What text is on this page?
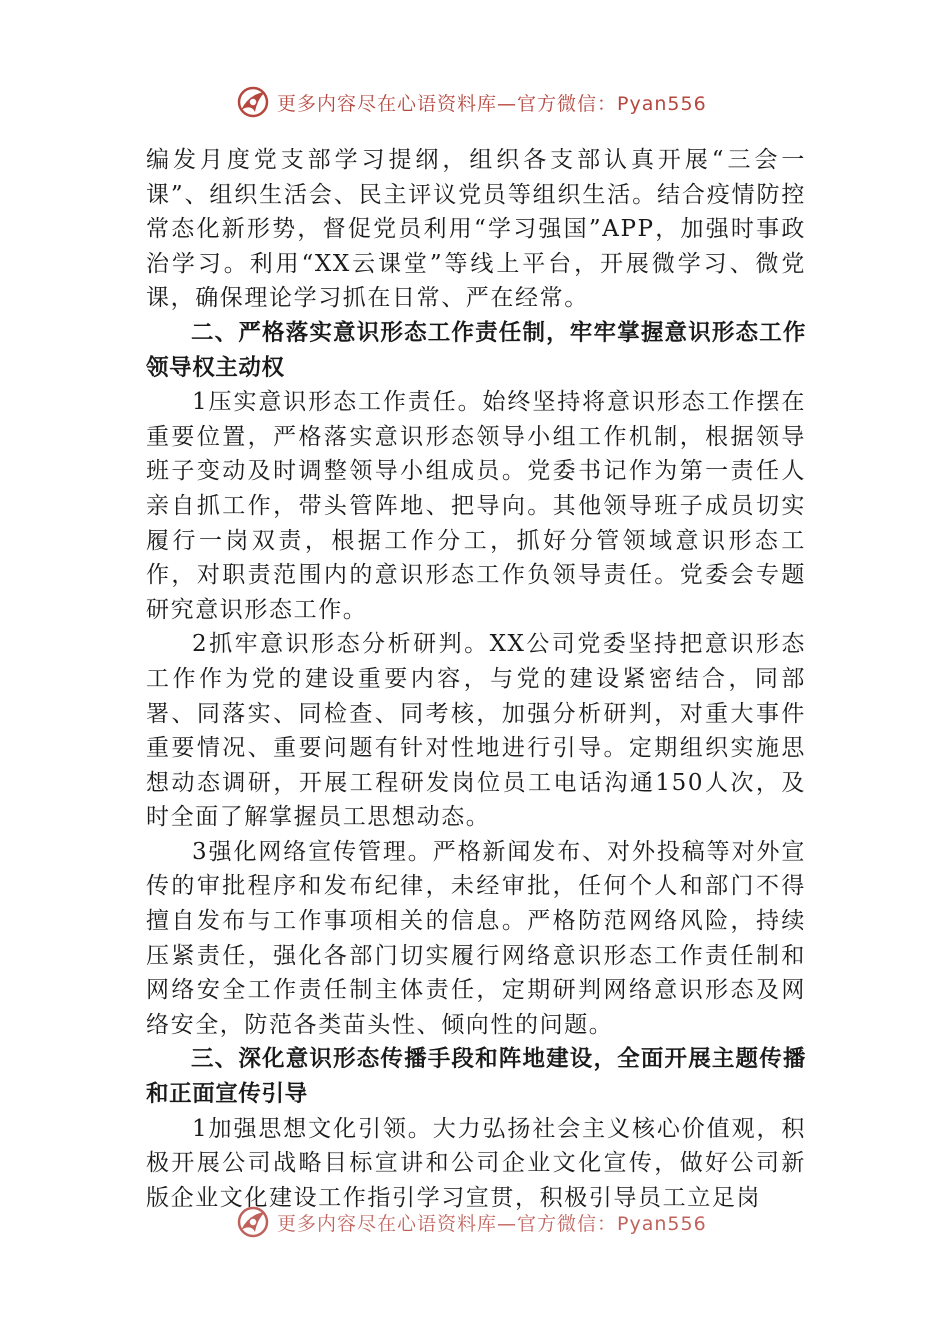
更多内容尽在心语资料库—官方微信：Pyan556

编发月度党支部学习提纲，组织各支部认真开展“三会一课”、组织生活会、民主评议党员等组织生活。结合疫情防控常态化新形势，督促党员利用“学习强国”APP，加强时事政治学习。利用“XX云课堂”等线上平台，开展微学习、微党课，确保理论学习抓在日常、严在经常。

二、严格落实意识形态工作责任制，牢牢掌握意识形态工作领导权主动权

1压实意识形态工作责任。始终坚持将意识形态工作摆在重要位置，严格落实意识形态领导小组工作机制，根据领导班子变动及时调整领导小组成员。党委书记作为第一责任人亲自抓工作，带头管阵地、把导向。其他领导班子成员切实履行一岗双责，根据工作分工，抓好分管领域意识形态工作，对职责范围内的意识形态工作负领导责任。党委会专题研究意识形态工作。

2抓牢意识形态分析研判。XX公司党委坚持把意识形态工作作为党的建设重要内容，与党的建设紧密结合，同部署、同落实、同检查、同考核，加强分析研判，对重大事件重要情况、重要问题有针对性地进行引导。定期组织实施思想动态调研，开展工程研发岗位员工电话沟通150人次，及时全面了解掌握员工思想动态。

3强化网络宣传管理。严格新闻发布、对外投稿等对外宣传的审批程序和发布纪律，未经审批，任何个人和部门不得擅自发布与工作事项相关的信息。严格防范网络风险，持续压紧责任，强化各部门切实履行网络意识形态工作责任制和网络安全工作责任制主体责任，定期研判网络意识形态及网络安全，防范各类苗头性、倾向性的问题。

三、深化意识形态传播手段和阵地建设，全面开展主题传播和正面宣传引导

1加强思想文化引领。大力弘扬社会主义核心价值观，积极开展公司战略目标宣讲和公司企业文化宣传，做好公司新版企业文化建设工作指引学习宣贯，积极引导员工立足岗

更多内容尽在心语资料库—官方微信：Pyan556
